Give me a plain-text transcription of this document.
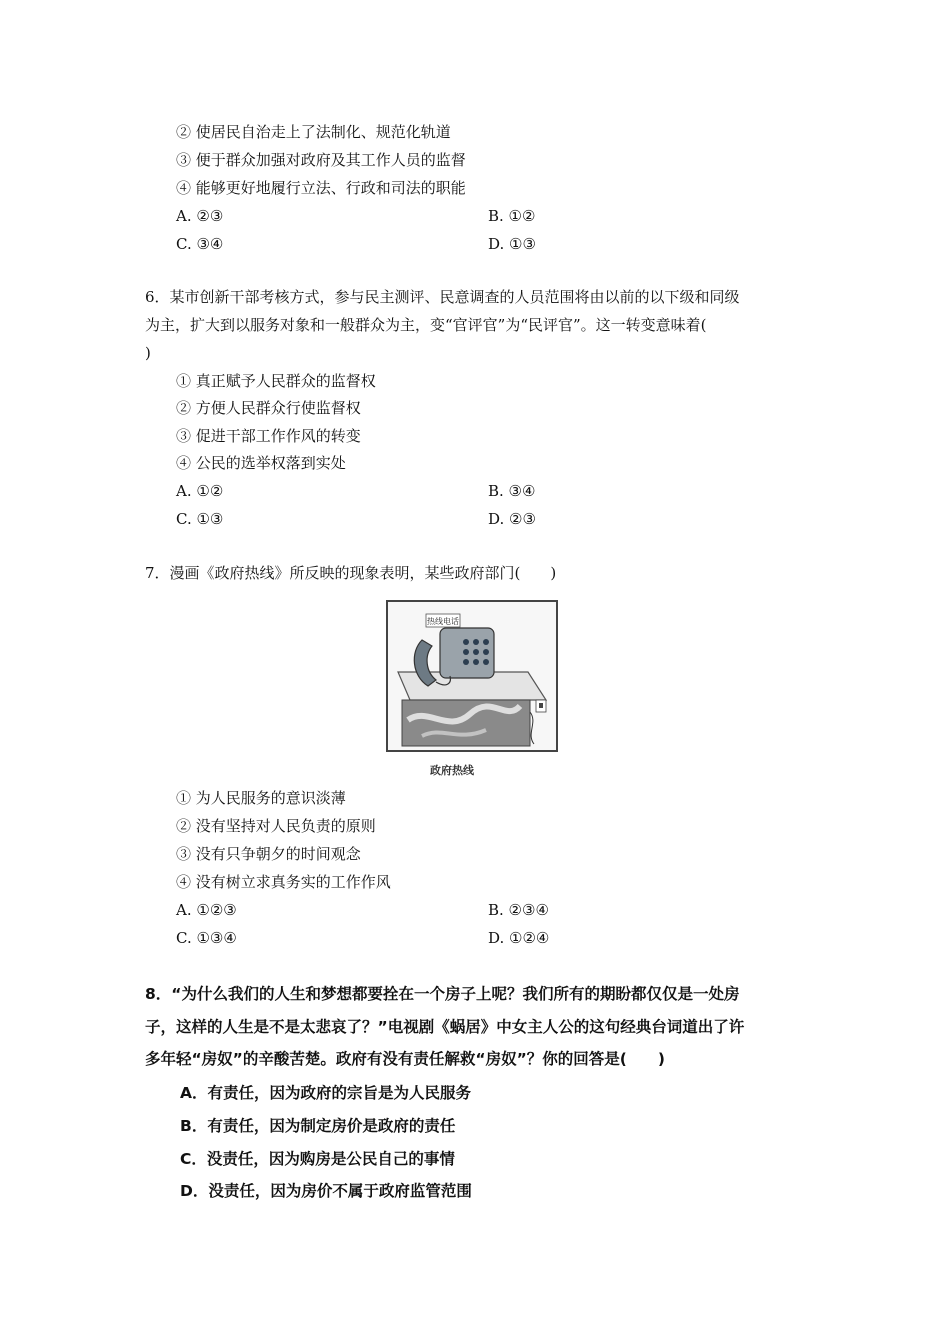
② 使居民自治走上了法制化、规范化轨道
③ 便于群众加强对政府及其工作人员的监督
④ 能够更好地履行立法、行政和司法的职能
A. ②③	B. ①②
C. ③④	D. ①③
6．某市创新干部考核方式，参与民主测评、民意调查的人员范围将由以前的以下级和同级
为主，扩大到以服务对象和一般群众为主，变“官评官”为“民评官”。这一转变意味着(
)
① 真正赋予人民群众的监督权
② 方便人民群众行使监督权
③ 促进干部工作作风的转变
④ 公民的选举权落到实处
A. ①②	B. ③④
C. ①③	D. ②③
7．漫画《政府热线》所反映的现象表明，某些政府部门(　　)
热线电话
政府热线
① 为人民服务的意识淡薄
② 没有坚持对人民负责的原则
③ 没有只争朝夕的时间观念
④ 没有树立求真务实的工作作风
A. ①②③	B. ②③④
C. ①③④	D. ①②④
8．“为什么我们的人生和梦想都要拴在一个房子上呢？我们所有的期盼都仅仅是一处房
子，这样的人生是不是太悲哀了？”电视剧《蜗居》中女主人公的这句经典台词道出了许
多年轻“房奴”的辛酸苦楚。政府有没有责任解救“房奴”？你的回答是(　　)
A．有责任，因为政府的宗旨是为人民服务
B．有责任，因为制定房价是政府的责任
C．没责任，因为购房是公民自己的事情
D．没责任，因为房价不属于政府监管范围
